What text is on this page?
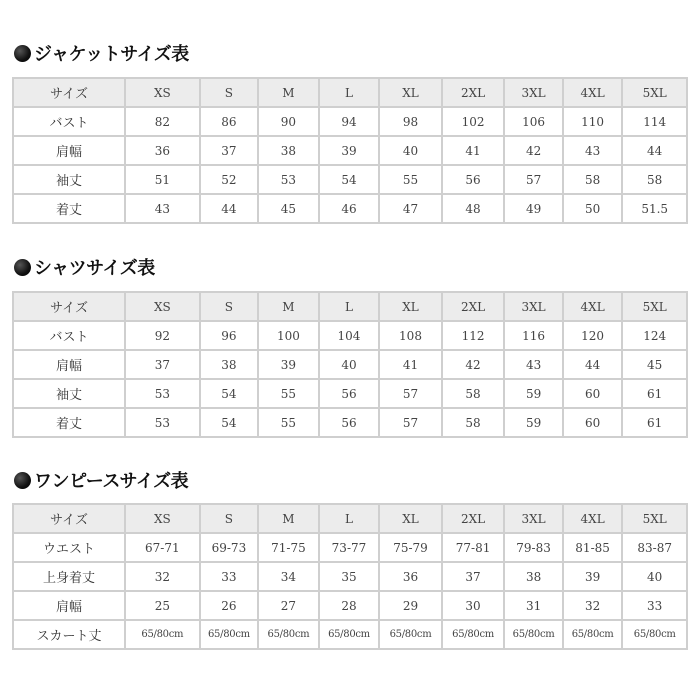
ジャケットサイズ表
サイズ	XS	S	M	L	XL	2XL	3XL	4XL	5XL
バスト	82	86	90	94	98	102	106	110	114
肩幅	36	37	38	39	40	41	42	43	44
袖丈	51	52	53	54	55	56	57	58	58
着丈	43	44	45	46	47	48	49	50	51.5
シャツサイズ表
サイズ	XS	S	M	L	XL	2XL	3XL	4XL	5XL
バスト	92	96	100	104	108	112	116	120	124
肩幅	37	38	39	40	41	42	43	44	45
袖丈	53	54	55	56	57	58	59	60	61
着丈	53	54	55	56	57	58	59	60	61
ワンピースサイズ表
サイズ	XS	S	M	L	XL	2XL	3XL	4XL	5XL
ウエスト	67-71	69-73	71-75	73-77	75-79	77-81	79-83	81-85	83-87
上身着丈	32	33	34	35	36	37	38	39	40
肩幅	25	26	27	28	29	30	31	32	33
スカート丈	65/80cm	65/80cm	65/80cm	65/80cm	65/80cm	65/80cm	65/80cm	65/80cm	65/80cm
